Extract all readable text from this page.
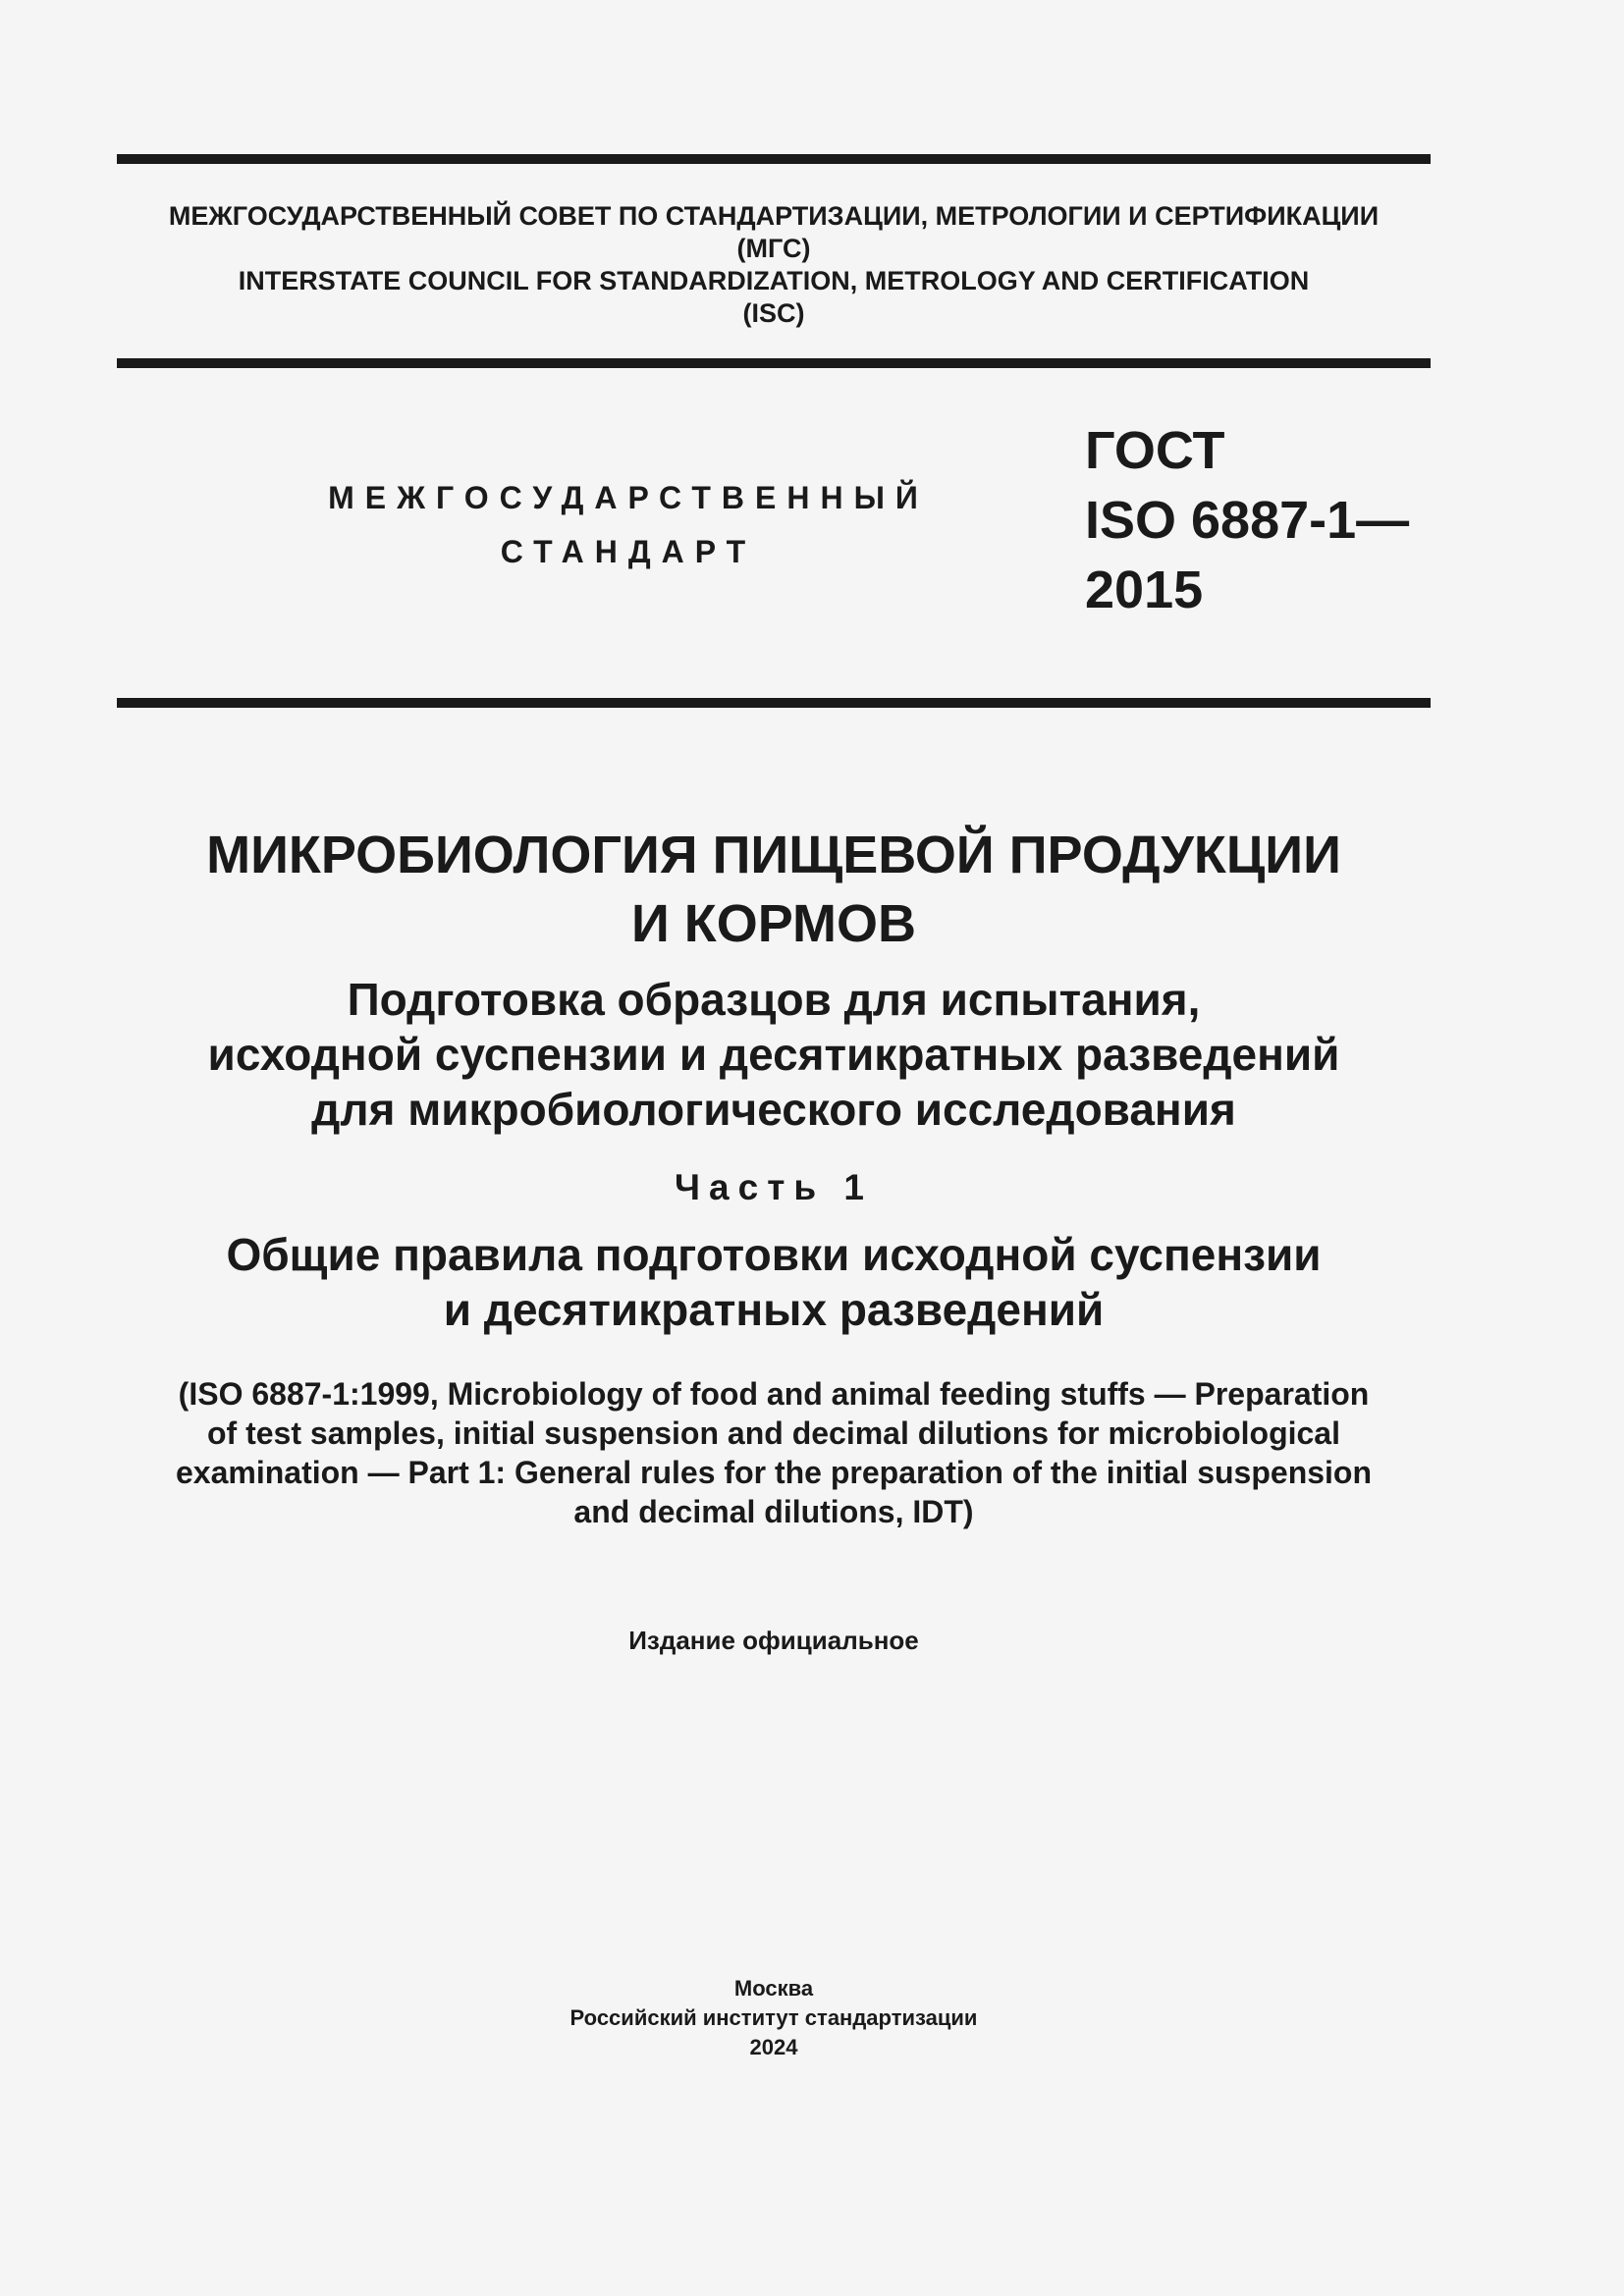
МЕЖГОСУДАРСТВЕННЫЙ СОВЕТ ПО СТАНДАРТИЗАЦИИ, МЕТРОЛОГИИ И СЕРТИФИКАЦИИ
(МГС)
INTERSTATE COUNCIL FOR STANDARDIZATION, METROLOGY AND CERTIFICATION
(ISC)
МЕЖГОСУДАРСТВЕННЫЙ
СТАНДАРТ
ГОСТ
ISO 6887-1—
2015
МИКРОБИОЛОГИЯ ПИЩЕВОЙ ПРОДУКЦИИ
И КОРМОВ
Подготовка образцов для испытания,
исходной суспензии и десятикратных разведений
для микробиологического исследования
Часть 1
Общие правила подготовки исходной суспензии
и десятикратных разведений
(ISO 6887-1:1999, Microbiology of food and animal feeding stuffs — Preparation
of test samples, initial suspension and decimal dilutions for microbiological
examination — Part 1: General rules for the preparation of the initial suspension
and decimal dilutions, IDT)
Издание официальное
Москва
Российский институт стандартизации
2024
